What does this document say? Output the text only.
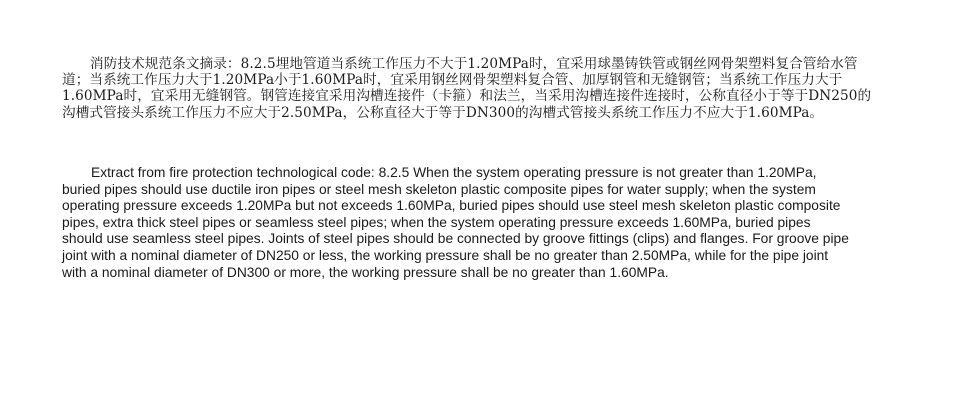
消防技术规范条文摘录：8.2.5埋地管道当系统工作压力不大于1.20MPa时，宜采用球墨铸铁管或钢丝网骨架塑料复合管给水管道；当系统工作压力大于1.20MPa小于1.60MPa时，宜采用钢丝网骨架塑料复合管、加厚钢管和无缝钢管；当系统工作压力大于1.60MPa时，宜采用无缝钢管。钢管连接宜采用沟槽连接件（卡箍）和法兰，当采用沟槽连接件连接时，公称直径小于等于DN250的沟槽式管接头系统工作压力不应大于2.50MPa，公称直径大于等于DN300的沟槽式管接头系统工作压力不应大于1.60MPa。

Extract from fire protection technological code: 8.2.5 When the system operating pressure is not greater than 1.20MPa, buried pipes should use ductile iron pipes or steel mesh skeleton plastic composite pipes for water supply; when the system operating pressure exceeds 1.20MPa but not exceeds 1.60MPa, buried pipes should use steel mesh skeleton plastic composite pipes, extra thick steel pipes or seamless steel pipes; when the system operating pressure exceeds 1.60MPa, buried pipes should use seamless steel pipes. Joints of steel pipes should be connected by groove fittings (clips) and flanges. For groove pipe joint with a nominal diameter of DN250 or less, the working pressure shall be no greater than 2.50MPa, while for the pipe joint with a nominal diameter of DN300 or more, the working pressure shall be no greater than 1.60MPa.
